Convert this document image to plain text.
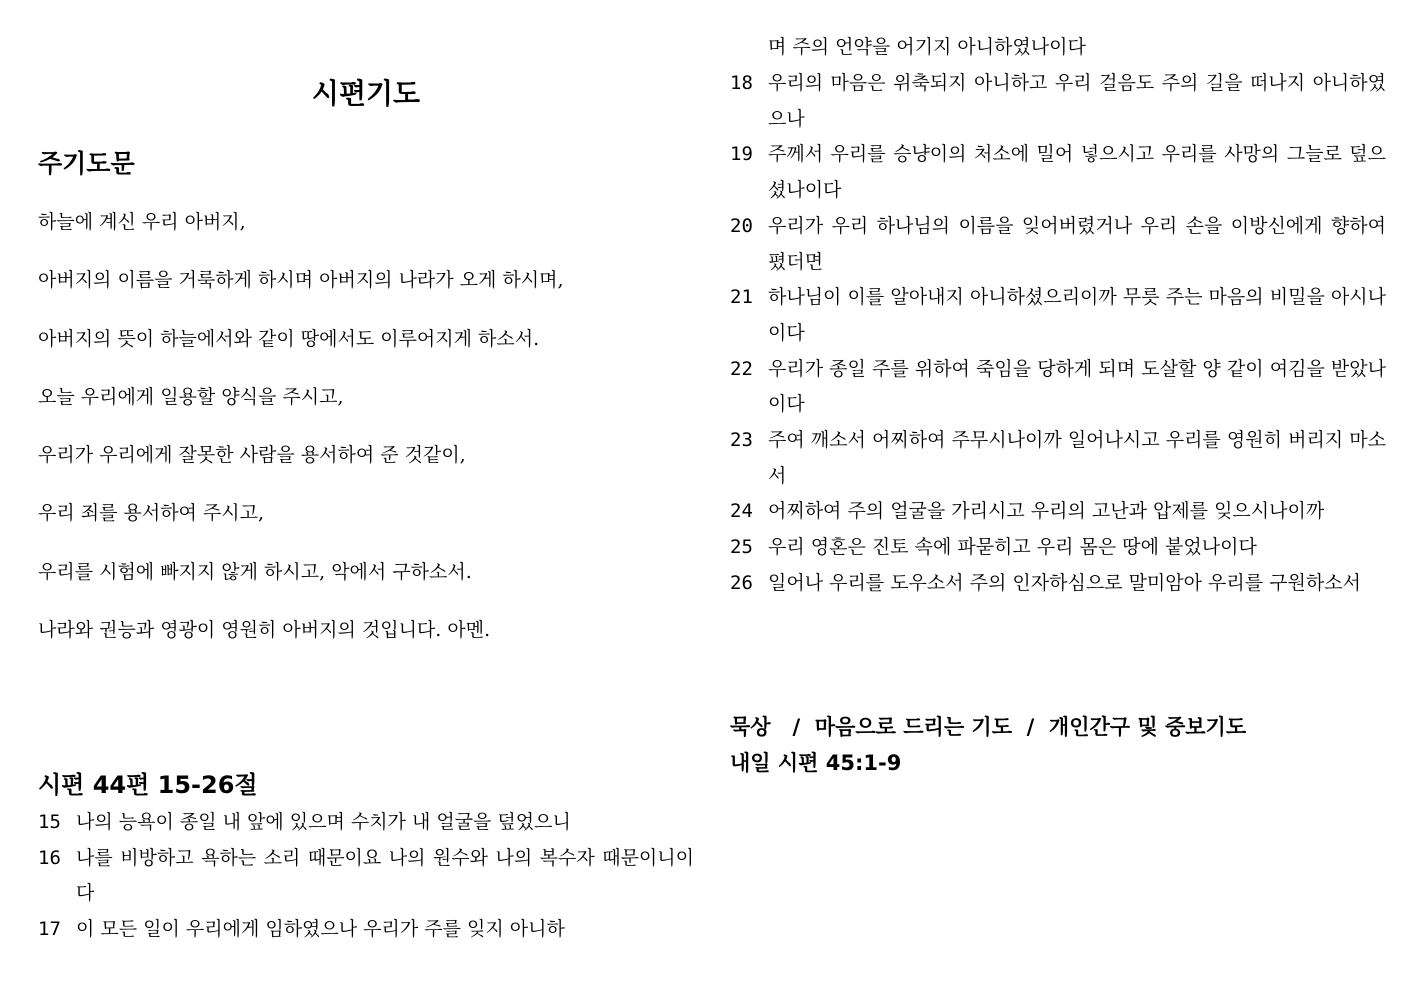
시편기도
주기도문
하늘에 계신 우리 아버지,
아버지의 이름을 거룩하게 하시며 아버지의 나라가 오게 하시며,
아버지의 뜻이 하늘에서와 같이 땅에서도 이루어지게 하소서.
오늘 우리에게 일용할 양식을 주시고,
우리가 우리에게 잘못한 사람을 용서하여 준 것같이,
우리 죄를 용서하여 주시고,
우리를 시험에 빠지지 않게 하시고, 악에서 구하소서.
나라와 권능과 영광이 영원히 아버지의 것입니다. 아멘.
시편 44편 15-26절
15 나의 능욕이 종일 내 앞에 있으며 수치가 내 얼굴을 덮었으니
16 나를 비방하고 욕하는 소리 때문이요 나의 원수와 나의 복수자 때문이니이다
17 이 모든 일이 우리에게 임하였으나 우리가 주를 잊지 아니하
며 주의 언약을 어기지 아니하였나이다
18 우리의 마음은 위축되지 아니하고 우리 걸음도 주의 길을 떠나지 아니하였으나
19 주께서 우리를 승냥이의 처소에 밀어 넣으시고 우리를 사망의 그늘로 덮으셨나이다
20 우리가 우리 하나님의 이름을 잊어버렸거나 우리 손을 이방신에게 향하여 폈더면
21 하나님이 이를 알아내지 아니하셨으리이까 무릇 주는 마음의 비밀을 아시나이다
22 우리가 종일 주를 위하여 죽임을 당하게 되며 도살할 양 같이 여김을 받았나이다
23 주여 깨소서 어찌하여 주무시나이까 일어나시고 우리를 영원히 버리지 마소서
24 어찌하여 주의 얼굴을 가리시고 우리의 고난과 압제를 잊으시나이까
25 우리 영혼은 진토 속에 파묻히고 우리 몸은 땅에 붙었나이다
26 일어나 우리를 도우소서 주의 인자하심으로 말미암아 우리를 구원하소서
묵상   /  마음으로 드리는 기도  /  개인간구 및 중보기도
내일 시편 45:1-9
